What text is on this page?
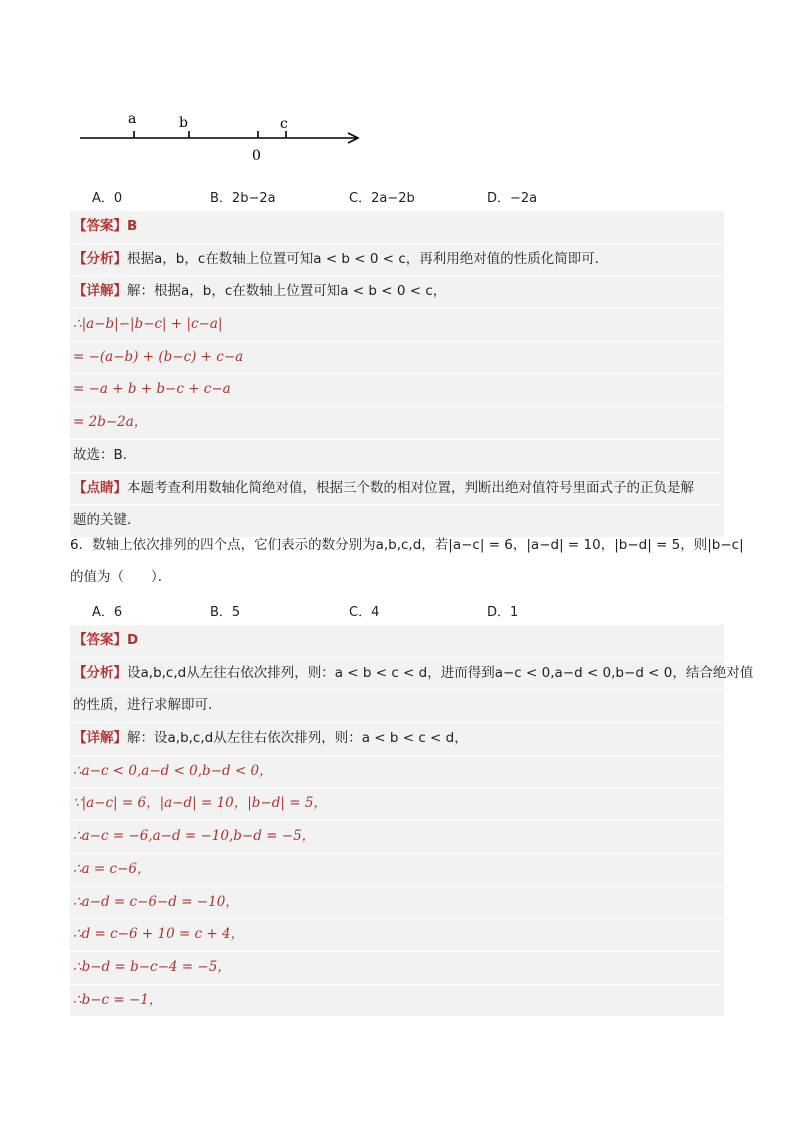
a	b
0
c
A．0	B．2b−2a	C．2a−2b	D．−2a
【答案】B
【分析】根据a，b，c在数轴上位置可知a < b < 0 < c，再利用绝对值的性质化简即可．
【详解】解：根据a，b，c在数轴上位置可知a < b < 0 < c，
∴|a−b|−|b−c| + |c−a|
= −(a−b) + (b−c) + c−a
= −a + b + b−c + c−a
= 2b−2a，
故选：B．
【点睛】本题考查利用数轴化简绝对值，根据三个数的相对位置，判断出绝对值符号里面式子的正负是解
题的关键．
6．数轴上依次排列的四个点，它们表示的数分别为a,b,c,d，若|a−c| = 6，|a−d| = 10，|b−d| = 5，则|b−c|
的值为（　　）．
A．6	B．5	C．4	D．1
【答案】D
【分析】设a,b,c,d从左往右依次排列，则：a < b < c < d，进而得到a−c < 0,a−d < 0,b−d < 0，结合绝对值
的性质，进行求解即可．
【详解】解：设a,b,c,d从左往右依次排列，则：a < b < c < d，
∴a−c < 0,a−d < 0,b−d < 0，
∵|a−c| = 6，|a−d| = 10，|b−d| = 5，
∴a−c = −6,a−d = −10,b−d = −5，
∴a = c−6，
∴a−d = c−6−d = −10，
∴d = c−6 + 10 = c + 4，
∴b−d = b−c−4 = −5，
∴b−c = −1，
